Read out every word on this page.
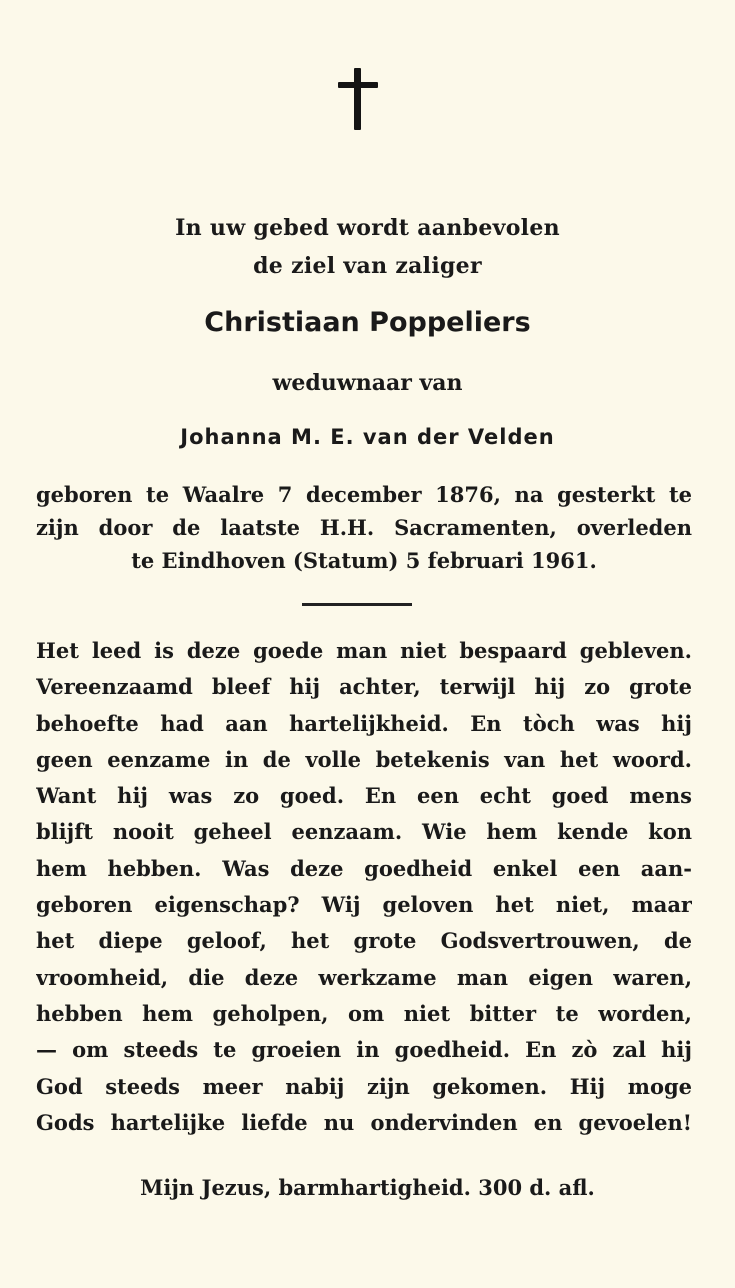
In uw gebed wordt aanbevolen
de ziel van zaliger
Christiaan Poppeliers
weduwnaar van
Johanna M. E. van der Velden
geboren te Waalre 7 december 1876, na gesterkt te
zijn door de laatste H.H. Sacramenten, overleden
te Eindhoven (Statum) 5 februari 1961.
Het leed is deze goede man niet bespaard gebleven.
Vereenzaamd bleef hij achter, terwijl hij zo grote
behoefte had aan hartelijkheid. En tòch was hij
geen eenzame in de volle betekenis van het woord.
Want hij was zo goed. En een echt goed mens
blijft nooit geheel eenzaam. Wie hem kende kon
hem hebben. Was deze goedheid enkel een aan-
geboren eigenschap? Wij geloven het niet, maar
het diepe geloof, het grote Godsvertrouwen, de
vroomheid, die deze werkzame man eigen waren,
hebben hem geholpen, om niet bitter te worden,
— om steeds te groeien in goedheid. En zò zal hij
God steeds meer nabij zijn gekomen. Hij moge
Gods hartelijke liefde nu ondervinden en gevoelen!
Mijn Jezus, barmhartigheid. 300 d. afl.
